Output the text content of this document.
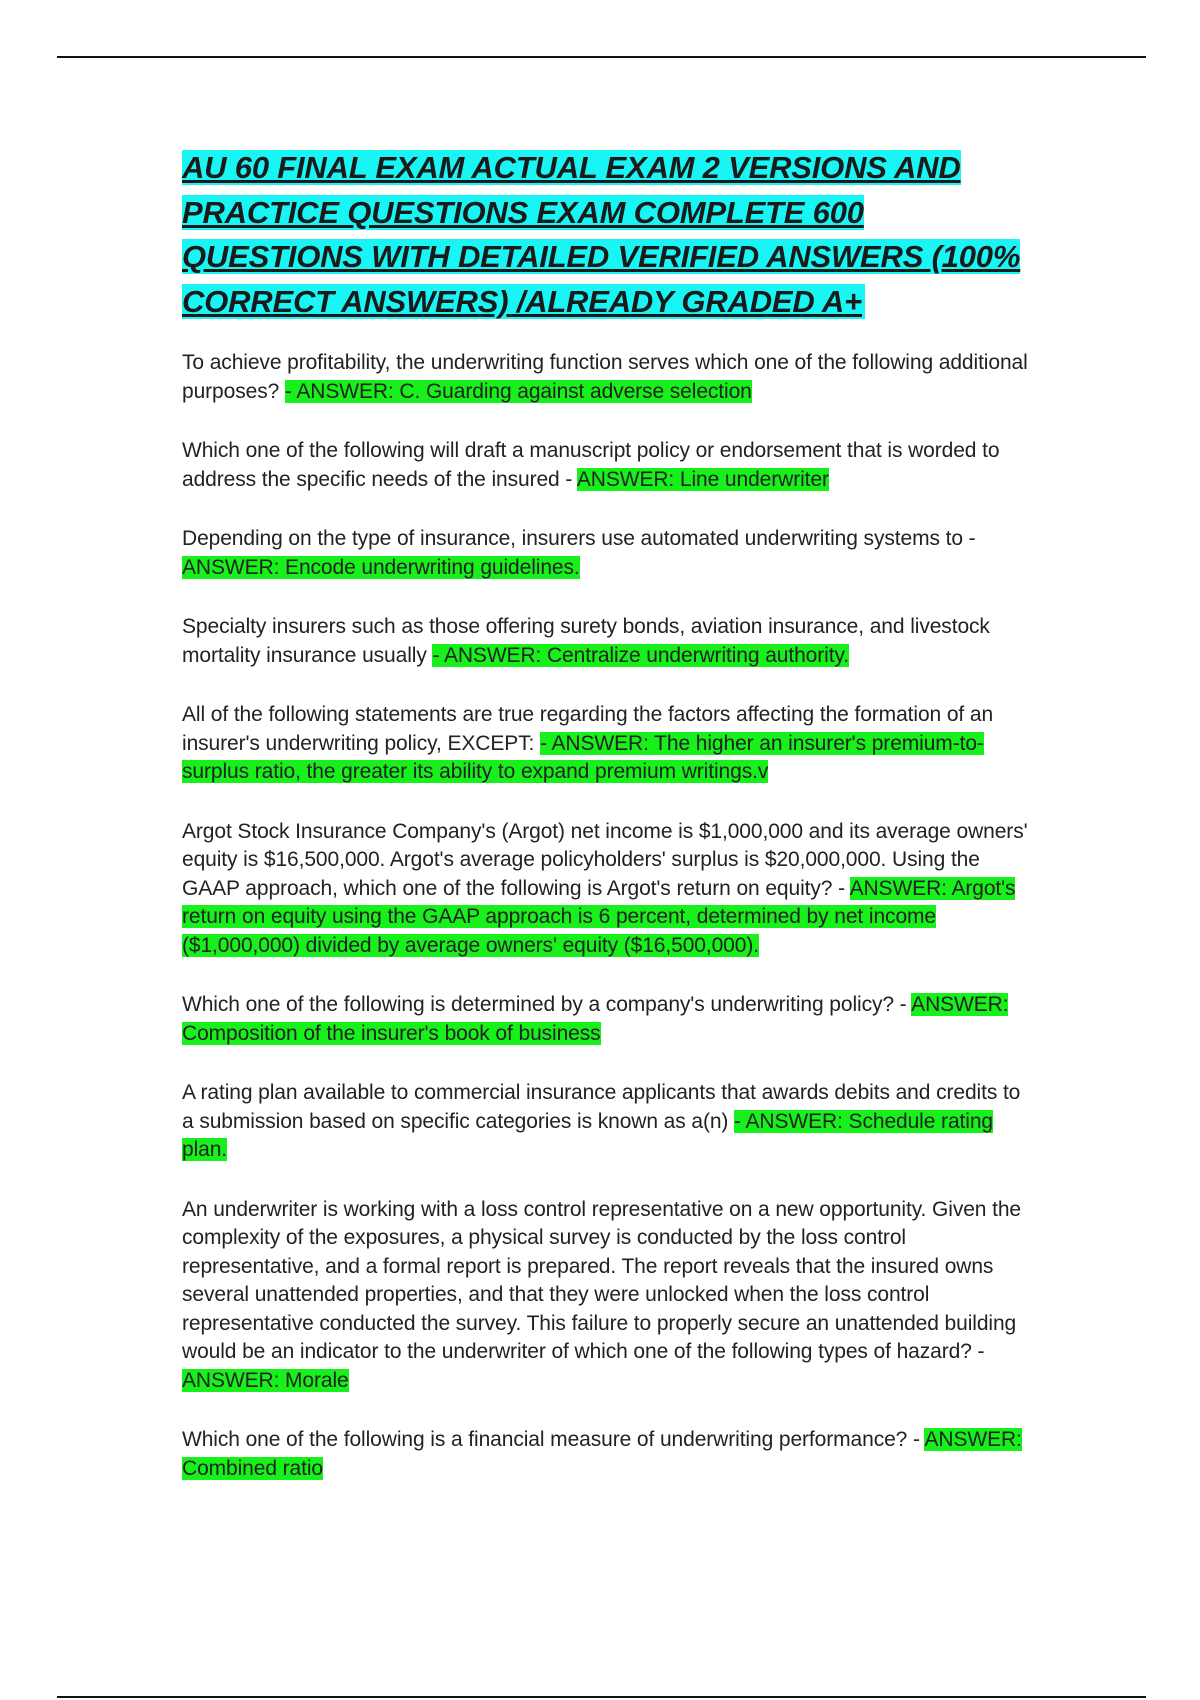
AU 60 FINAL EXAM ACTUAL EXAM 2 VERSIONS AND PRACTICE QUESTIONS EXAM COMPLETE 600 QUESTIONS WITH DETAILED VERIFIED ANSWERS (100% CORRECT ANSWERS) /ALREADY GRADED A+
To achieve profitability, the underwriting function serves which one of the following additional purposes? - ANSWER: C. Guarding against adverse selection
Which one of the following will draft a manuscript policy or endorsement that is worded to address the specific needs of the insured - ANSWER: Line underwriter
Depending on the type of insurance, insurers use automated underwriting systems to - ANSWER: Encode underwriting guidelines.
Specialty insurers such as those offering surety bonds, aviation insurance, and livestock mortality insurance usually - ANSWER: Centralize underwriting authority.
All of the following statements are true regarding the factors affecting the formation of an insurer's underwriting policy, EXCEPT: - ANSWER: The higher an insurer's premium-to-surplus ratio, the greater its ability to expand premium writings.v
Argot Stock Insurance Company's (Argot) net income is $1,000,000 and its average owners' equity is $16,500,000. Argot's average policyholders' surplus is $20,000,000. Using the GAAP approach, which one of the following is Argot's return on equity? - ANSWER: Argot's return on equity using the GAAP approach is 6 percent, determined by net income ($1,000,000) divided by average owners' equity ($16,500,000).
Which one of the following is determined by a company's underwriting policy? - ANSWER: Composition of the insurer's book of business
A rating plan available to commercial insurance applicants that awards debits and credits to a submission based on specific categories is known as a(n) - ANSWER: Schedule rating plan.
An underwriter is working with a loss control representative on a new opportunity. Given the complexity of the exposures, a physical survey is conducted by the loss control representative, and a formal report is prepared. The report reveals that the insured owns several unattended properties, and that they were unlocked when the loss control representative conducted the survey. This failure to properly secure an unattended building would be an indicator to the underwriter of which one of the following types of hazard? - ANSWER: Morale
Which one of the following is a financial measure of underwriting performance? - ANSWER: Combined ratio
